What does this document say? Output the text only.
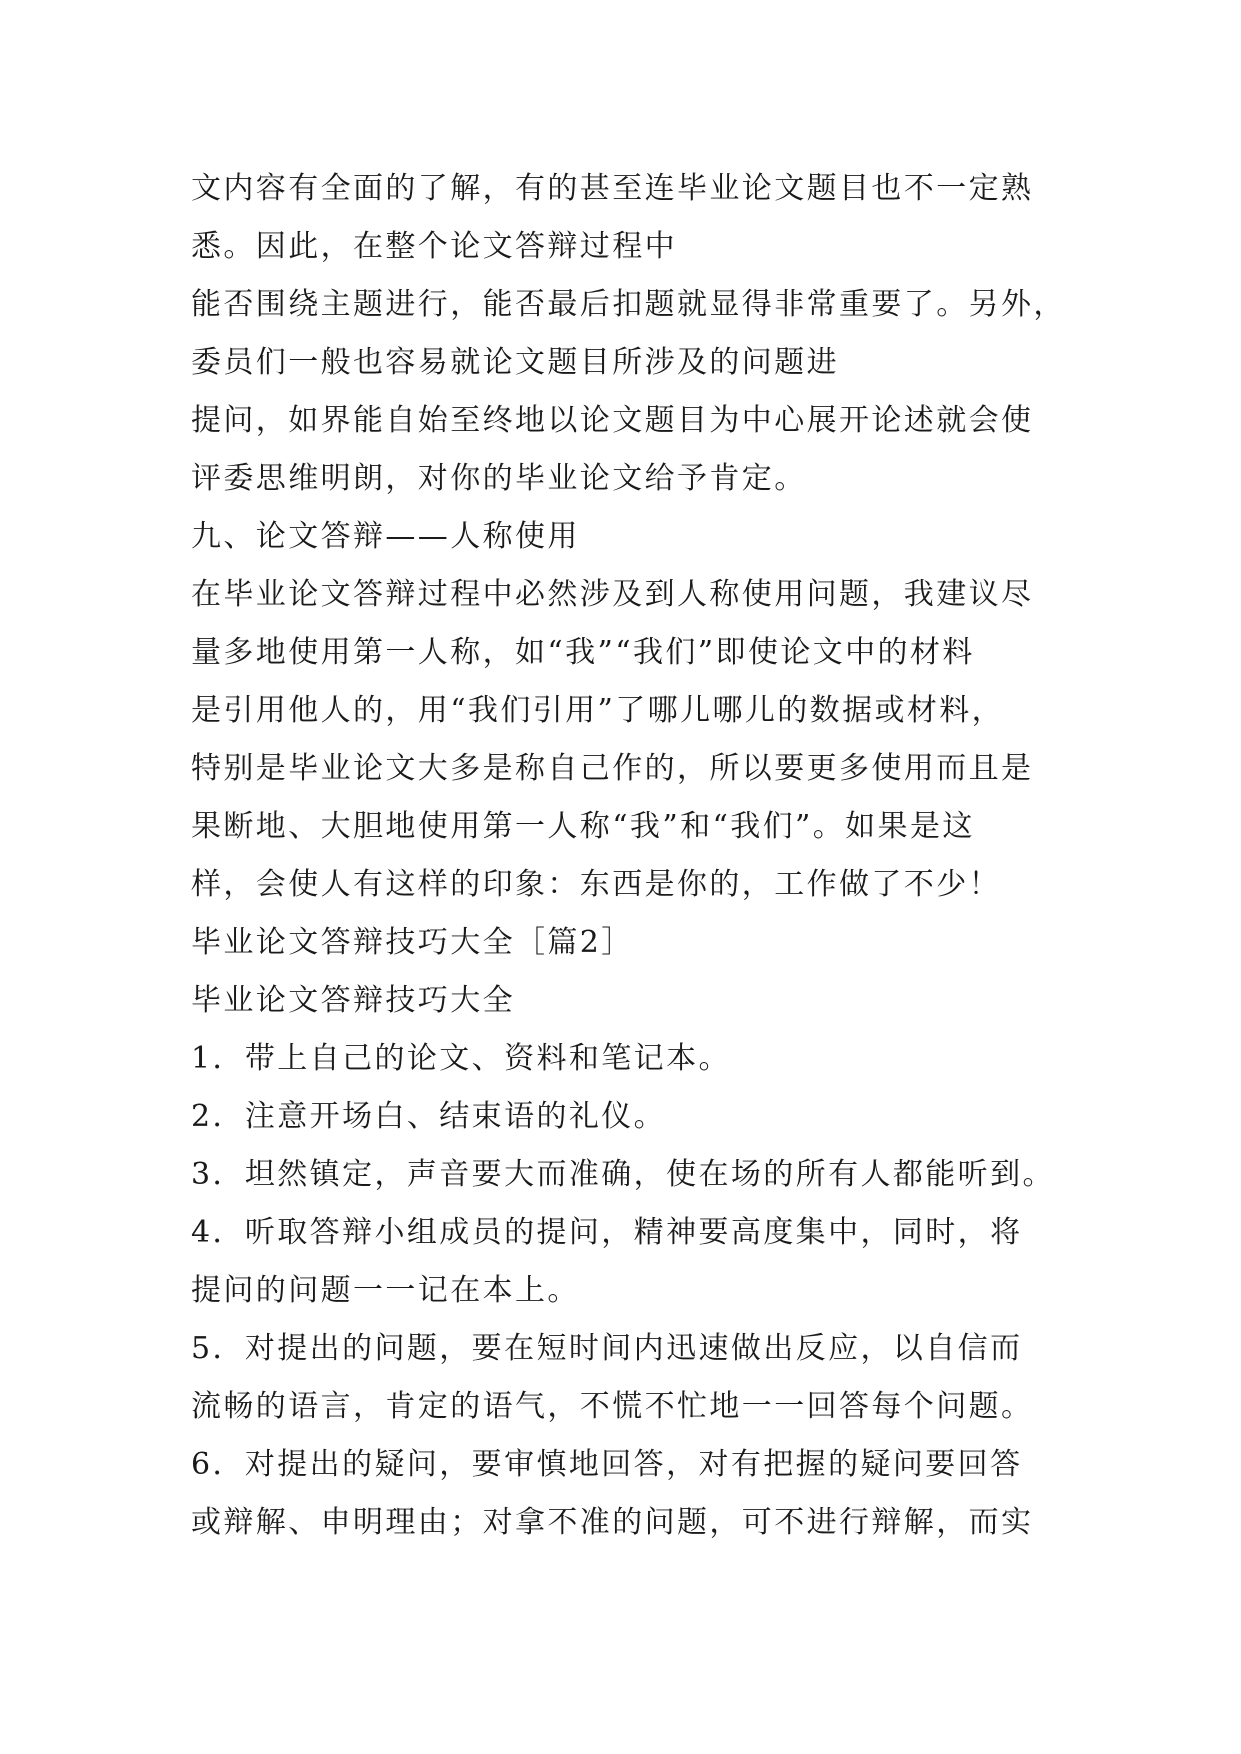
文内容有全面的了解，有的甚至连毕业论文题目也不一定熟
悉。因此，在整个论文答辩过程中
能否围绕主题进行，能否最后扣题就显得非常重要了。另外，
委员们一般也容易就论文题目所涉及的问题进
提问，如界能自始至终地以论文题目为中心展开论述就会使
评委思维明朗，对你的毕业论文给予肯定。
九、论文答辩——人称使用
在毕业论文答辩过程中必然涉及到人称使用问题，我建议尽
量多地使用第一人称，如“我”“我们”即使论文中的材料
是引用他人的，用“我们引用”了哪儿哪儿的数据或材料，
特别是毕业论文大多是称自己作的，所以要更多使用而且是
果断地、大胆地使用第一人称“我”和“我们”。如果是这
样，会使人有这样的印象：东西是你的，工作做了不少！
毕业论文答辩技巧大全［篇2］
毕业论文答辩技巧大全
1．带上自己的论文、资料和笔记本。
2．注意开场白、结束语的礼仪。
3．坦然镇定，声音要大而准确，使在场的所有人都能听到。
4．听取答辩小组成员的提问，精神要高度集中，同时，将
提问的问题一一记在本上。
5．对提出的问题，要在短时间内迅速做出反应，以自信而
流畅的语言，肯定的语气，不慌不忙地一一回答每个问题。
6．对提出的疑问，要审慎地回答，对有把握的疑问要回答
或辩解、申明理由；对拿不准的问题，可不进行辩解，而实
